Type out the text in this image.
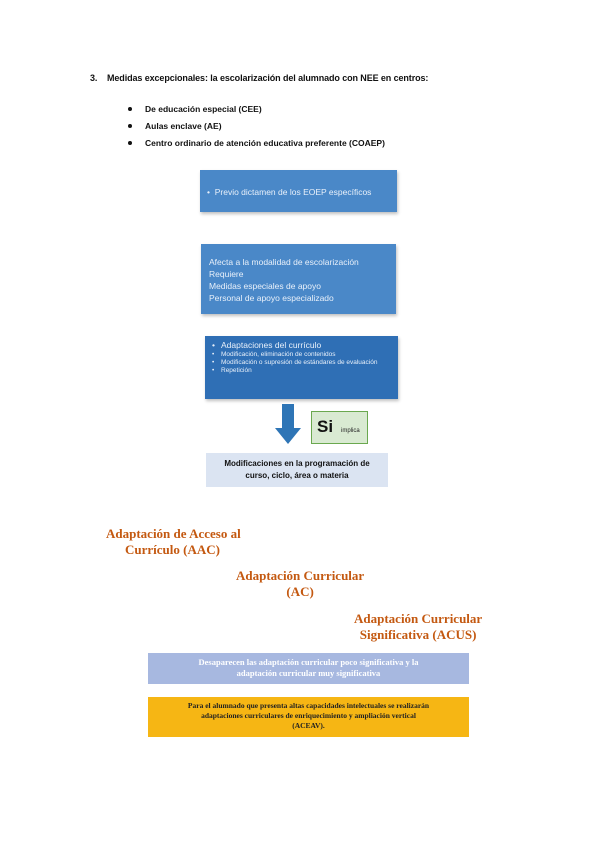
3. Medidas excepcionales: la escolarización del alumnado con NEE en centros:
De educación especial (CEE)
Aulas enclave (AE)
Centro ordinario de atención educativa preferente (COAEP)
• Previo dictamen de los EOEP específicos
Afecta a la modalidad de escolarización
Requiere
Medidas especiales de apoyo
Personal de apoyo especializado
• Adaptaciones del currículo
• Modificación, eliminación de contenidos
• Modificación o supresión de estándares de evaluación
• Repetición
Si implica
Modificaciones en la programación de
curso, ciclo, área o materia
Adaptación de Acceso al
Currículo (AAC)
Adaptación Curricular
(AC)
Adaptación Curricular
Significativa (ACUS)
Desaparecen las adaptación curricular poco significativa y la
adaptación curricular muy significativa
Para el alumnado que presenta altas capacidades intelectuales se realizarán
adaptaciones curriculares de enriquecimiento y ampliación vertical
(ACEAV).
